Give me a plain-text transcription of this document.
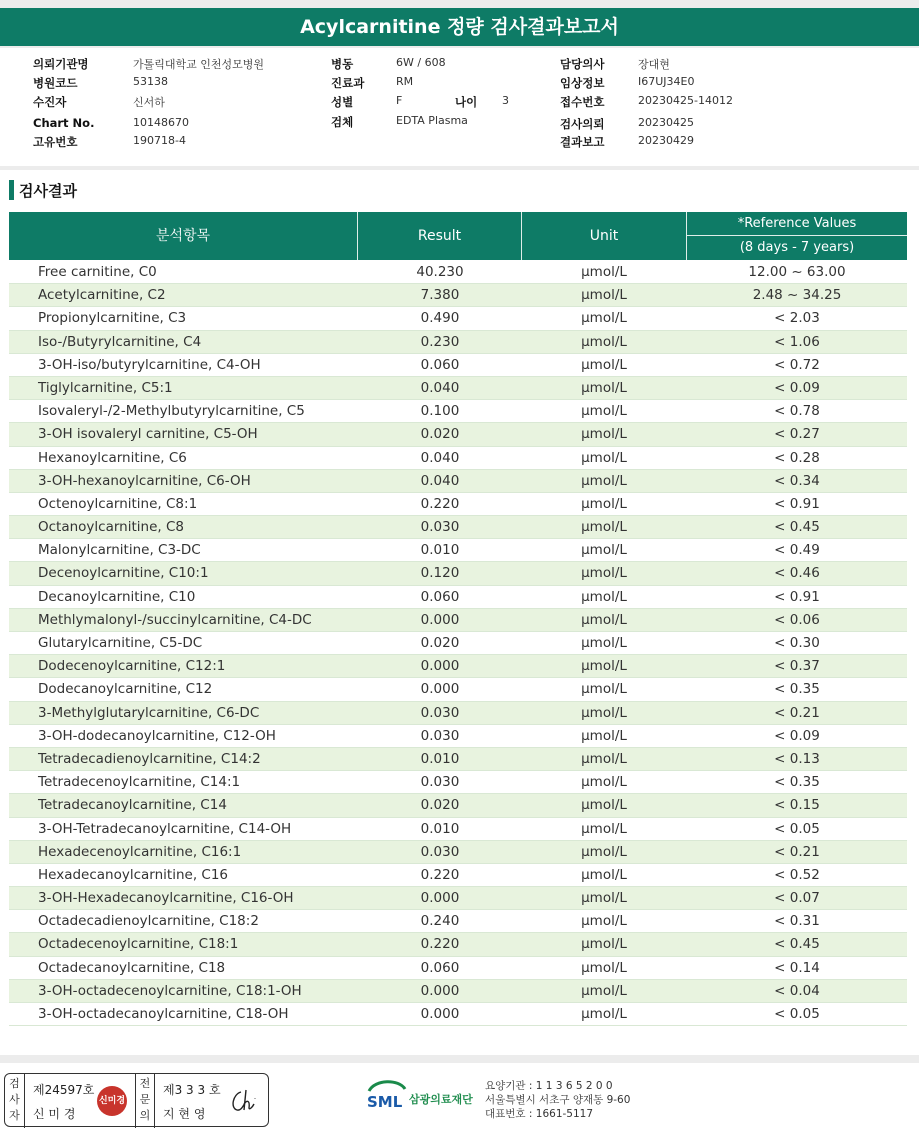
Acylcarnitine 정량 검사결과보고서
의뢰기관명	가톨릭대학교 인천성모병원
병원코드	53138
수진자	신서하
Chart No.	10148670
고유번호	190718-4
병동	6W / 608
진료과	RM
성별	F	나이 3
검체	EDTA Plasma
담당의사	장대현
임상정보	I67UJ34E0
접수번호	20230425-14012
검사의뢰	20230425
결과보고	20230429
검사결과
분석항목	Result	Unit
*Reference Values
(8 days - 7 years)
Free carnitine, C0	40.230	µmol/L	12.00 ~ 63.00
Acetylcarnitine, C2	7.380	µmol/L	2.48 ~ 34.25
Propionylcarnitine, C3	0.490	µmol/L	< 2.03
Iso-/Butyrylcarnitine, C4	0.230	µmol/L	< 1.06
3-OH-iso/butyrylcarnitine, C4-OH	0.060	µmol/L	< 0.72
Tiglylcarnitine, C5:1	0.040	µmol/L	< 0.09
Isovaleryl-/2-Methylbutyrylcarnitine, C5	0.100	µmol/L	< 0.78
3-OH isovaleryl carnitine, C5-OH	0.020	µmol/L	< 0.27
Hexanoylcarnitine, C6	0.040	µmol/L	< 0.28
3-OH-hexanoylcarnitine, C6-OH	0.040	µmol/L	< 0.34
Octenoylcarnitine, C8:1	0.220	µmol/L	< 0.91
Octanoylcarnitine, C8	0.030	µmol/L	< 0.45
Malonylcarnitine, C3-DC	0.010	µmol/L	< 0.49
Decenoylcarnitine, C10:1	0.120	µmol/L	< 0.46
Decanoylcarnitine, C10	0.060	µmol/L	< 0.91
Methlymalonyl-/succinylcarnitine, C4-DC	0.000	µmol/L	< 0.06
Glutarylcarnitine, C5-DC	0.020	µmol/L	< 0.30
Dodecenoylcarnitine, C12:1	0.000	µmol/L	< 0.37
Dodecanoylcarnitine, C12	0.000	µmol/L	< 0.35
3-Methylglutarylcarnitine, C6-DC	0.030	µmol/L	< 0.21
3-OH-dodecanoylcarnitine, C12-OH	0.030	µmol/L	< 0.09
Tetradecadienoylcarnitine, C14:2	0.010	µmol/L	< 0.13
Tetradecenoylcarnitine, C14:1	0.030	µmol/L	< 0.35
Tetradecanoylcarnitine, C14	0.020	µmol/L	< 0.15
3-OH-Tetradecanoylcarnitine, C14-OH	0.010	µmol/L	< 0.05
Hexadecenoylcarnitine, C16:1	0.030	µmol/L	< 0.21
Hexadecanoylcarnitine, C16	0.220	µmol/L	< 0.52
3-OH-Hexadecanoylcarnitine, C16-OH	0.000	µmol/L	< 0.07
Octadecadienoylcarnitine, C18:2	0.240	µmol/L	< 0.31
Octadecenoylcarnitine, C18:1	0.220	µmol/L	< 0.45
Octadecanoylcarnitine, C18	0.060	µmol/L	< 0.14
3-OH-octadecenoylcarnitine, C18:1-OH	0.000	µmol/L	< 0.04
3-OH-octadecanoylcarnitine, C18-OH	0.000	µmol/L	< 0.05
검
사
자
제24597호
신 미 경
신미경
전
문
의
제3 3 3 호
지 현 영
SML 삼광의료재단
요양기관 : 1 1 3 6 5 2 0 0
서울특별시 서초구 양재동 9-60
대표번호 : 1661-5117
